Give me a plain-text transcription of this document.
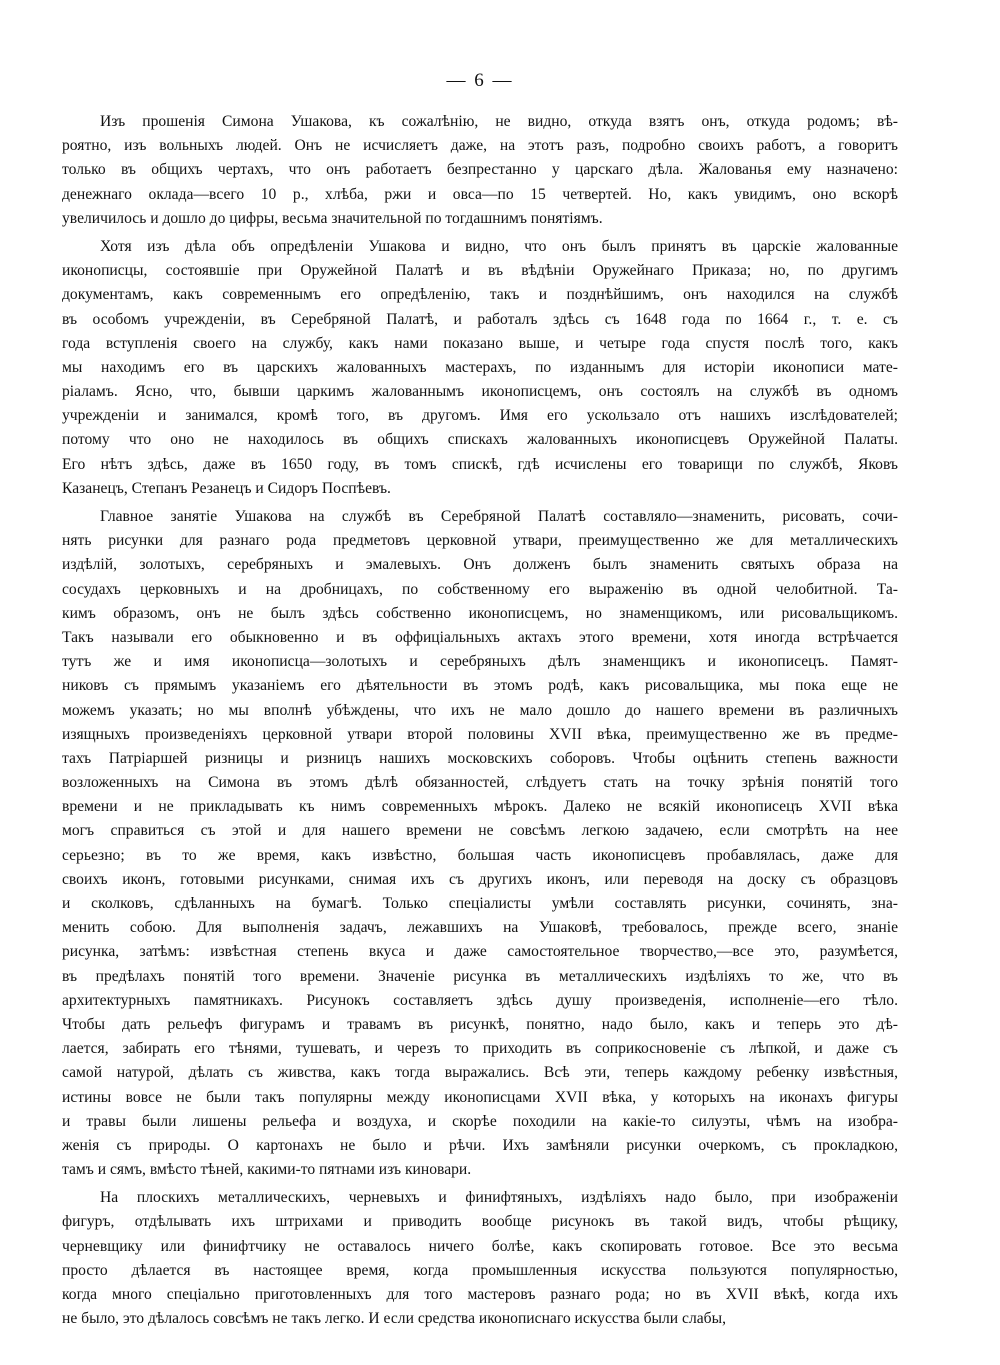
— 6 —

Изъ прошенія Симона Ушакова, къ сожалѣнію, не видно, откуда взятъ онъ, откуда родомъ; вѣ-
роятно, изъ вольныхъ людей. Онъ не исчисляетъ даже, на этотъ разъ, подробно своихъ работъ, а говоритъ
только въ общихъ чертахъ, что онъ работаетъ безпрестанно у царскаго дѣла. Жалованья ему назначено:
денежнаго оклада—всего 10 р., хлѣба, ржи и овса—по 15 четвертей. Но, какъ увидимъ, оно вскорѣ
увеличилось и дошло до цифры, весьма значительной по тогдашнимъ понятіямъ.

Хотя изъ дѣла объ опредѣленіи Ушакова и видно, что онъ былъ принятъ въ царскіе жалованные
иконописцы, состоявшіе при Оружейной Палатѣ и въ вѣдѣніи Оружейнаго Приказа; но, по другимъ
документамъ, какъ современнымъ его опредѣленію, такъ и позднѣйшимъ, онъ находился на службѣ
въ особомъ учрежденіи, въ Серебряной Палатѣ, и работалъ здѣсь съ 1648 года по 1664 г., т. е. съ
года вступленія своего на службу, какъ нами показано выше, и четыре года спустя послѣ того, какъ
мы находимъ его въ царскихъ жалованныхъ мастерахъ, по изданнымъ для исторіи иконописи мате-
ріаламъ. Ясно, что, бывши царкимъ жалованнымъ иконописцемъ, онъ состоялъ на службѣ въ одномъ
учрежденіи и занимался, кромѣ того, въ другомъ. Имя его ускользало отъ нашихъ изслѣдователей;
потому что оно не находилось въ общихъ спискахъ жалованныхъ иконописцевъ Оружейной Палаты.
Его нѣтъ здѣсь, даже въ 1650 году, въ томъ спискѣ, гдѣ исчислены его товарищи по службѣ, Яковъ
Казанецъ, Степанъ Резанецъ и Сидоръ Поспѣевъ.

Главное занятіе Ушакова на службѣ въ Серебряной Палатѣ составляло—знаменить, рисовать, сочи-
нять рисунки для разнаго рода предметовъ церковной утвари, преимущественно же для металлическихъ
издѣлій, золотыхъ, серебряныхъ и эмалевыхъ. Онъ долженъ былъ знаменить святыхъ образа на
сосудахъ церковныхъ и на дробницахъ, по собственному его выраженію въ одной челобитной. Та-
кимъ образомъ, онъ не былъ здѣсь собственно иконописцемъ, но знаменщикомъ, или рисовальщикомъ.
Такъ называли его обыкновенно и въ оффиціальныхъ актахъ этого времени, хотя иногда встрѣчается
тутъ же и имя иконописца—золотыхъ и серебряныхъ дѣлъ знаменщикъ и иконописецъ. Памят-
никовъ съ прямымъ указаніемъ его дѣятельности въ этомъ родѣ, какъ рисовальщика, мы пока еще не
можемъ указать; но мы вполнѣ убѣждены, что ихъ не мало дошло до нашего времени въ различныхъ
изящныхъ произведеніяхъ церковной утвари второй половины XVII вѣка, преимущественно же въ предме-
тахъ Патріаршей ризницы и ризницъ нашихъ московскихъ соборовъ. Чтобы оцѣнить степень важности
возложенныхъ на Симона въ этомъ дѣлѣ обязанностей, слѣдуетъ стать на точку зрѣнія понятій того
времени и не прикладывать къ нимъ современныхъ мѣрокъ. Далеко не всякій иконописецъ XVII вѣка
могъ справиться съ этой и для нашего времени не совсѣмъ легкою задачею, если смотрѣть на нее
серьезно; въ то же время, какъ извѣстно, большая часть иконописцевъ пробавлялась, даже для
своихъ иконъ, готовыми рисунками, снимая ихъ съ другихъ иконъ, или переводя на доску съ образцовъ
и сколковъ, сдѣланныхъ на бумагѣ. Только спеціалисты умѣли составлять рисунки, сочинять, зна-
менить собою. Для выполненія задачъ, лежавшихъ на Ушаковѣ, требовалось, прежде всего, знаніе
рисунка, затѣмъ: извѣстная степень вкуса и даже самостоятельное творчество,—все это, разумѣется,
въ предѣлахъ понятій того времени. Значеніе рисунка въ металлическихъ издѣліяхъ то же, что въ
архитектурныхъ памятникахъ. Рисунокъ составляетъ здѣсь душу произведенія, исполненіе—его тѣло.
Чтобы дать рельефъ фигурамъ и травамъ въ рисункѣ, понятно, надо было, какъ и теперь это дѣ-
лается, забирать его тѣнями, тушевать, и черезъ то приходить въ соприкосновеніе съ лѣпкой, и даже съ
самой натурой, дѣлать съ живства, какъ тогда выражались. Всѣ эти, теперь каждому ребенку извѣстныя,
истины вовсе не были такъ популярны между иконописцами XVII вѣка, у которыхъ на иконахъ фигуры
и травы были лишены рельефа и воздуха, и скорѣе походили на какіе-то силуэты, чѣмъ на изобра-
женія съ природы. О картонахъ не было и рѣчи. Ихъ замѣняли рисунки очеркомъ, съ прокладкою,
тамъ и сямъ, вмѣсто тѣней, какими-то пятнами изъ киновари.

На плоскихъ металлическихъ, черневыхъ и финифтяныхъ, издѣліяхъ надо было, при изображеніи
фигуръ, отдѣлывать ихъ штрихами и приводить вообще рисунокъ въ такой видъ, чтобы рѣщику,
черневщику или финифтчику не оставалось ничего болѣе, какъ скопировать готовое. Все это весьма
просто дѣлается въ настоящее время, когда промышленныя искусства пользуются популярностью,
когда много спеціально приготовленныхъ для того мастеровъ разнаго рода; но въ XVII вѣкѣ, когда ихъ
не было, это дѣлалось совсѣмъ не такъ легко. И если средства иконописнаго искусства были слабы,
